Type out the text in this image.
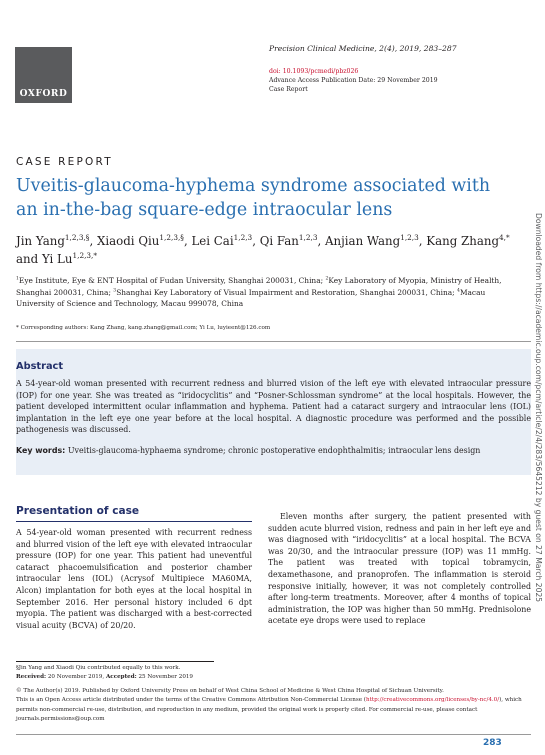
OXFORD
Precision Clinical Medicine, 2(4), 2019, 283–287
doi: 10.1093/pcmedi/pbz026
Advance Access Publication Date: 29 November 2019
Case Report
CASE REPORT
Uveitis-glaucoma-hyphema syndrome associated with
an in-the-bag square-edge intraocular lens
Jin Yang$^{1,2,3,\S}$, Xiaodi Qiu$^{1,2,3,\S}$, Lei Cai$^{1,2,3}$, Qi Fan$^{1,2,3}$, Anjian Wang$^{1,2,3}$, Kang Zhang$^{4,*}$ and Yi $Lu^{1,2,3,*}$
$^1$Eye Institute, Eye & ENT Hospital of Fudan University, Shanghai 200031, China; $^2$Key Laboratory of Myopia, Ministry of Health, Shanghai 200031, China; $^3$Shanghai Key Laboratory of Visual Impairment and Restoration, Shanghai 200031, China; $^4$Macau University of Science and Technology, Macau 999078, China
* Corresponding authors: Kang Zhang, kang.zhang@gmail.com; Yi Lu, luyieent@126.com
Abstract
A 54-year-old woman presented with recurrent redness and blurred vision of the left eye with elevated intraocular pressure (IOP) for one year. She was treated as “iridocyclitis” and “Posner-Schlossman syndrome” at the local hospitals. However, the patient developed intermittent ocular inflammation and hyphema. Patient had a cataract surgery and intraocular lens (IOL) implantation in the left eye one year before at the local hospital. A diagnostic procedure was performed and the possible pathogenesis was discussed.
Key words: Uveitis-glaucoma-hyphaema syndrome; chronic postoperative endophthalmitis; intraocular lens design
Presentation of case
A 54-year-old woman presented with recurrent redness and blurred vision of the left eye with elevated intraocular pressure (IOP) for one year. This patient had uneventful cataract phacoemulsification and posterior chamber intraocular lens (IOL) (Acrysof Multipiece MA60MA, Alcon) implantation for both eyes at the local hospital in September 2016. Her personal history included 6 dpt myopia. The patient was discharged with a best-corrected visual acuity (BCVA) of 20/20.
Eleven months after surgery, the patient presented with sudden acute blurred vision, redness and pain in her left eye and was diagnosed with “iridocyclitis” at a local hospital. The BCVA was 20/30, and the intraocular pressure (IOP) was 11 mmHg. The patient was treated with topical tobramycin, dexamethasone, and pranoprofen. The inflammation is steroid responsive initially, however, it was not completely controlled after long-term treatments. Moreover, after 4 months of topical administration, the IOP was higher than 50 mmHg. Prednisolone acetate eye drops were used to replace
§Jin Yang and Xiaodi Qiu contributed equally to this work.
Received: 20 November 2019, Accepted: 25 November 2019
© The Author(s) 2019. Published by Oxford University Press on behalf of West China School of Medicine & West China Hospital of Sichuan University.
This is an Open Access article distributed under the terms of the Creative Commons Attribution Non-Commercial License (http://creativecommons.org/licenses/by-nc/4.0/), which permits non-commercial re-use, distribution, and reproduction in any medium, provided the original work is properly cited. For commercial re-use, please contact journals.permissions@oup.com
283
Downloaded from https://academic.oup.com/pcm/article/2/4/283/5645212 by guest on 27 March 2025
